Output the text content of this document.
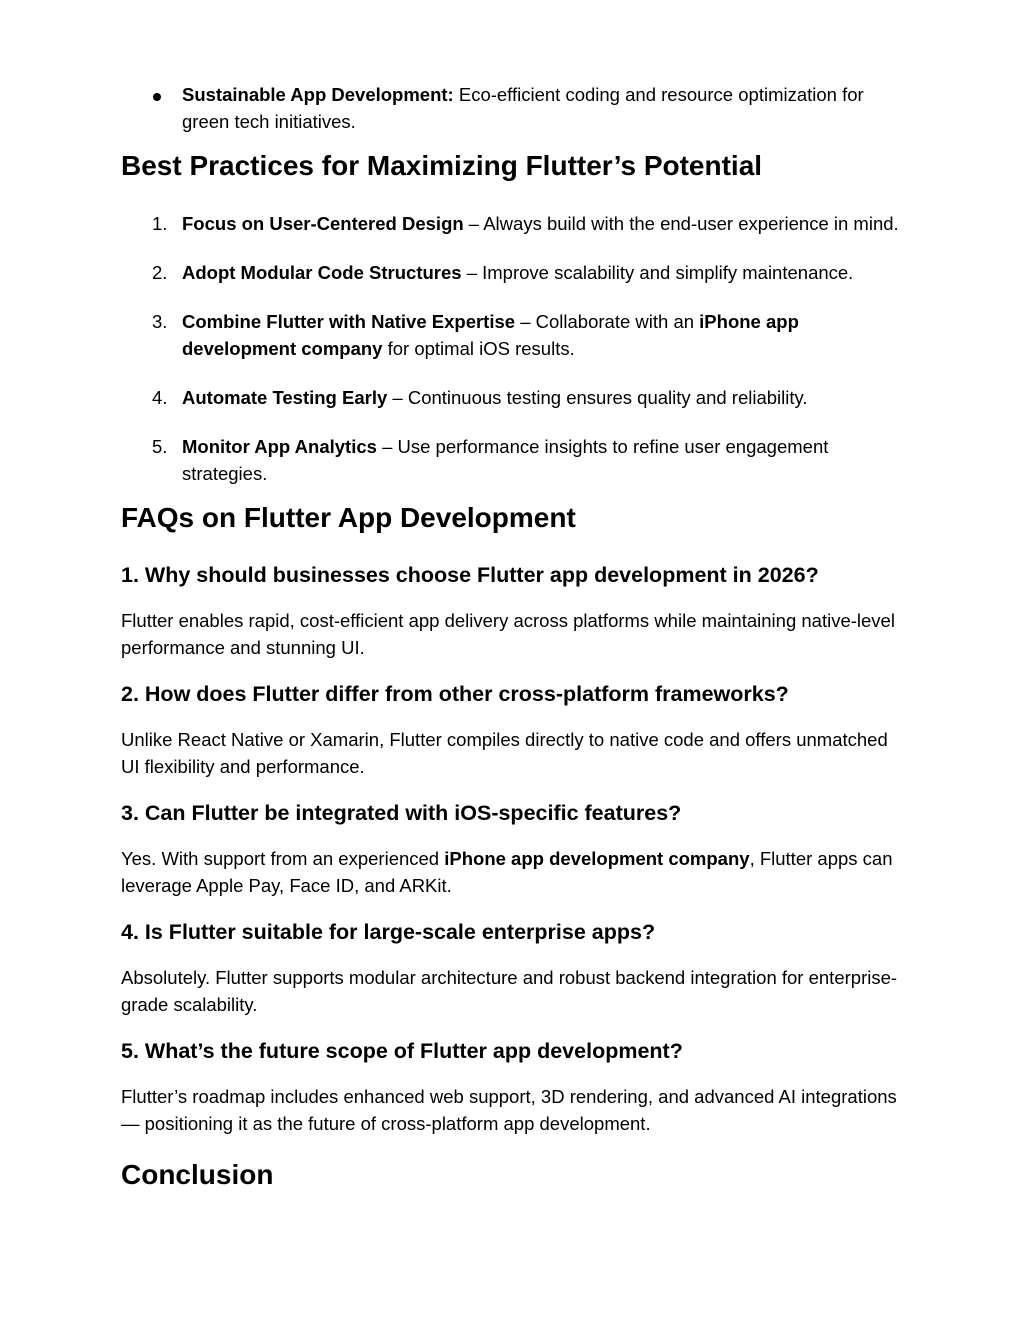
Sustainable App Development: Eco-efficient coding and resource optimization for green tech initiatives.
Best Practices for Maximizing Flutter’s Potential
1. Focus on User-Centered Design – Always build with the end-user experience in mind.
2. Adopt Modular Code Structures – Improve scalability and simplify maintenance.
3. Combine Flutter with Native Expertise – Collaborate with an iPhone app development company for optimal iOS results.
4. Automate Testing Early – Continuous testing ensures quality and reliability.
5. Monitor App Analytics – Use performance insights to refine user engagement strategies.
FAQs on Flutter App Development
1. Why should businesses choose Flutter app development in 2026?

Flutter enables rapid, cost-efficient app delivery across platforms while maintaining native-level performance and stunning UI.

2. How does Flutter differ from other cross-platform frameworks?

Unlike React Native or Xamarin, Flutter compiles directly to native code and offers unmatched UI flexibility and performance.

3. Can Flutter be integrated with iOS-specific features?

Yes. With support from an experienced iPhone app development company, Flutter apps can leverage Apple Pay, Face ID, and ARKit.

4. Is Flutter suitable for large-scale enterprise apps?

Absolutely. Flutter supports modular architecture and robust backend integration for enterprise-grade scalability.

5. What’s the future scope of Flutter app development?

Flutter’s roadmap includes enhanced web support, 3D rendering, and advanced AI integrations — positioning it as the future of cross-platform app development.

Conclusion
